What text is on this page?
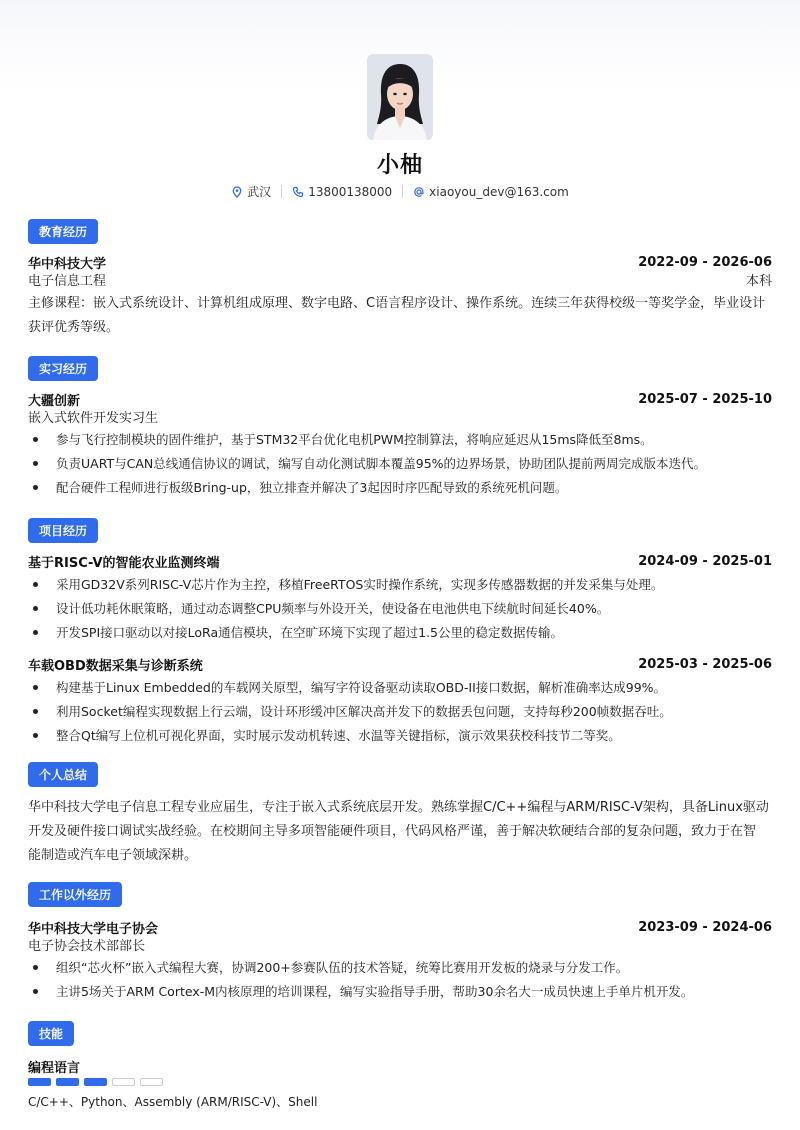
小柚
武汉	13800138000	xiaoyou_dev@163.com
教育经历
华中科技大学	2022-09 - 2026-06
电子信息工程	本科
主修课程：嵌入式系统设计、计算机组成原理、数字电路、C语言程序设计、操作系统。连续三年获得校级一等奖学金，毕业设计
获评优秀等级。
实习经历
大疆创新	2025-07 - 2025-10
嵌入式软件开发实习生
参与飞行控制模块的固件维护，基于STM32平台优化电机PWM控制算法，将响应延迟从15ms降低至8ms。
负责UART与CAN总线通信协议的调试，编写自动化测试脚本覆盖95%的边界场景，协助团队提前两周完成版本迭代。
配合硬件工程师进行板级Bring-up，独立排查并解决了3起因时序匹配导致的系统死机问题。
项目经历
基于RISC-V的智能农业监测终端	2024-09 - 2025-01
采用GD32V系列RISC-V芯片作为主控，移植FreeRTOS实时操作系统，实现多传感器数据的并发采集与处理。
设计低功耗休眠策略，通过动态调整CPU频率与外设开关，使设备在电池供电下续航时间延长40%。
开发SPI接口驱动以对接LoRa通信模块，在空旷环境下实现了超过1.5公里的稳定数据传输。
车载OBD数据采集与诊断系统	2025-03 - 2025-06
构建基于Linux Embedded的车载网关原型，编写字符设备驱动读取OBD-II接口数据，解析准确率达成99%。
利用Socket编程实现数据上行云端，设计环形缓冲区解决高并发下的数据丢包问题，支持每秒200帧数据吞吐。
整合Qt编写上位机可视化界面，实时展示发动机转速、水温等关键指标，演示效果获校科技节二等奖。
个人总结
华中科技大学电子信息工程专业应届生，专注于嵌入式系统底层开发。熟练掌握C/C++编程与ARM/RISC-V架构，具备Linux驱动
开发及硬件接口调试实战经验。在校期间主导多项智能硬件项目，代码风格严谨，善于解决软硬结合部的复杂问题，致力于在智
能制造或汽车电子领域深耕。
工作以外经历
华中科技大学电子协会	2023-09 - 2024-06
电子协会技术部部长
组织“芯火杯”嵌入式编程大赛，协调200+参赛队伍的技术答疑，统筹比赛用开发板的烧录与分发工作。
主讲5场关于ARM Cortex-M内核原理的培训课程，编写实验指导手册，帮助30余名大一成员快速上手单片机开发。
技能
编程语言
C/C++、Python、Assembly (ARM/RISC-V)、Shell
